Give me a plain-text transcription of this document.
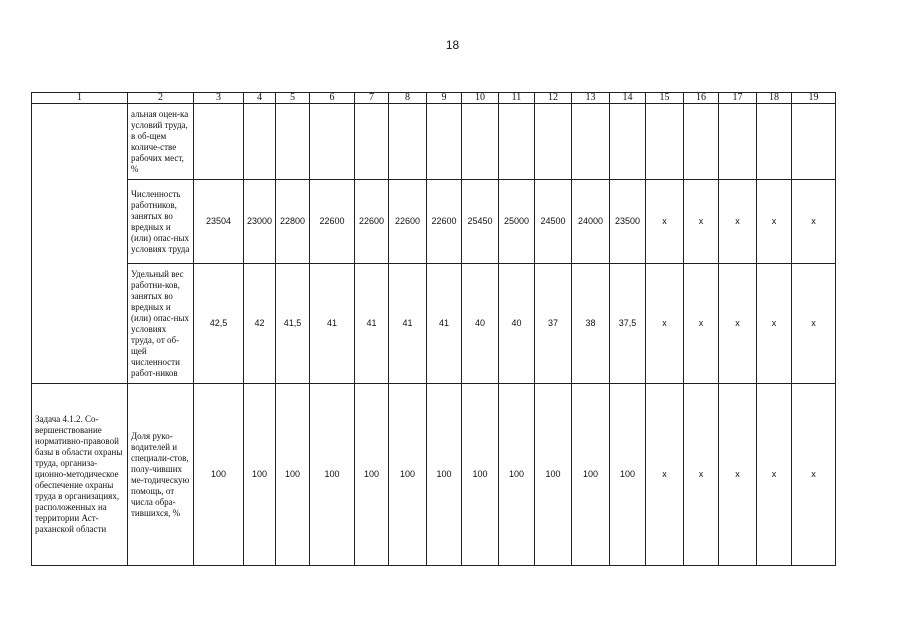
18
1	2	3	4	5	6	7	8	9	10	11	12	13	14	15	16	17	18	19
	альная оцен-ка условий труда, в об-щем количе-стве рабочих мест, %																	
	Численность работников, занятых во вредных и (или) опас-ных условиях труда	23504	23000	22800	22600	22600	22600	22600	25450	25000	24500	24000	23500	x	x	x	x	x
	Удельный вес работни-ков, занятых во вредных и (или) опас-ных условиях труда, от об-щей численности работ-ников	42,5	42	41,5	41	41	41	41	40	40	37	38	37,5	x	x	x	x	x
Задача 4.1.2. Со-вершенствование нормативно-правовой базы в области охраны труда, организа-ционно-методическое обеспечение охраны труда в организациях, расположенных на территории Аст-раханской области	Доля руко-водителей и специали-стов, полу-чивших ме-тодическую помощь, от числа обра-тившихся, %	100	100	100	100	100	100	100	100	100	100	100	100	x	x	x	x	x
